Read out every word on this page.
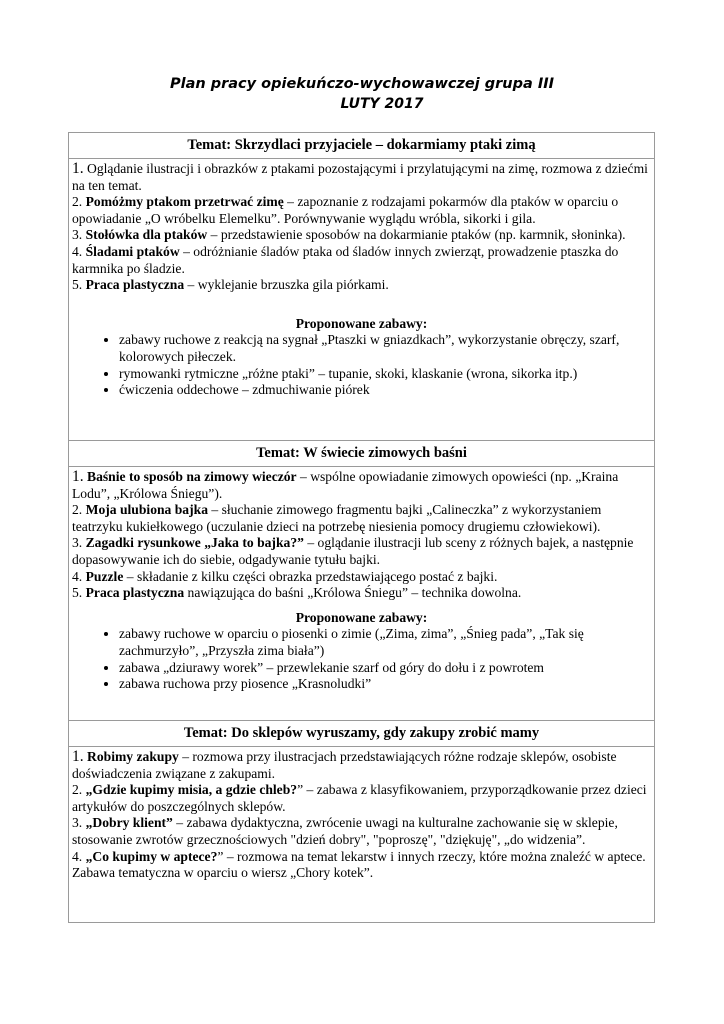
Plan pracy opiekuńczo-wychowawczej grupa III
LUTY 2017
Temat: Skrzydlaci przyjaciele – dokarmiamy ptaki zimą
1. Oglądanie ilustracji i obrazków z ptakami pozostającymi i przylatującymi na zimę, rozmowa z dziećmi na ten temat.
2. Pomóżmy ptakom przetrwać zimę – zapoznanie z rodzajami pokarmów dla ptaków w oparciu o opowiadanie „O wróbelku Elemelku”. Porównywanie wyglądu wróbla, sikorki i gila.
3. Stołówka dla ptaków – przedstawienie sposobów na dokarmianie ptaków (np. karmnik, słoninka).
4. Śladami ptaków – odróżnianie śladów ptaka od śladów innych zwierząt, prowadzenie ptaszka do karmnika po śladzie.
5. Praca plastyczna – wyklejanie brzuszka gila piórkami.
Proponowane zabawy:
• zabawy ruchowe z reakcją na sygnał „Ptaszki w gniazdkach”, wykorzystanie obręczy, szarf, kolorowych piłeczek.
• rymowanki rytmiczne „różne ptaki” – tupanie, skoki, klaskanie (wrona, sikorka itp.)
• ćwiczenia oddechowe – zdmuchiwanie piórek
Temat: W świecie zimowych baśni
1. Baśnie to sposób na zimowy wieczór – wspólne opowiadanie zimowych opowieści (np. „Kraina Lodu”, „Królowa Śniegu”).
2. Moja ulubiona bajka – słuchanie zimowego fragmentu bajki „Calineczka” z wykorzystaniem teatrzyku kukiełkowego (uczulanie dzieci na potrzebę niesienia pomocy drugiemu człowiekowi).
3. Zagadki rysunkowe „Jaka to bajka?” – oglądanie ilustracji lub sceny z różnych bajek, a następnie dopasowywanie ich do siebie, odgadywanie tytułu bajki.
4. Puzzle – składanie z kilku części obrazka przedstawiającego postać z bajki.
5. Praca plastyczna nawiązująca do baśni „Królowa Śniegu” – technika dowolna.
Proponowane zabawy:
• zabawy ruchowe w oparciu o piosenki o zimie („Zima, zima”, „Śnieg pada”, „Tak się zachmurzyło”, „Przyszła zima biała”)
• zabawa „dziurawy worek” – przewlekanie szarf od góry do dołu i z powrotem
• zabawa ruchowa przy piosence „Krasnoludki”
Temat: Do sklepów wyruszamy, gdy zakupy zrobić mamy
1. Robimy zakupy – rozmowa przy ilustracjach przedstawiających różne rodzaje sklepów, osobiste doświadczenia związane z zakupami.
2. „Gdzie kupimy misia, a gdzie chleb?” – zabawa z klasyfikowaniem, przyporządkowanie przez dzieci artykułów do poszczególnych sklepów.
3. „Dobry klient” – zabawa dydaktyczna, zwrócenie uwagi na kulturalne zachowanie się w sklepie, stosowanie zwrotów grzecznościowych "dzień dobry", "poproszę", "dziękuję", „do widzenia”.
4. „Co kupimy w aptece?” – rozmowa na temat lekarstw i innych rzeczy, które można znaleźć w aptece. Zabawa tematyczna w oparciu o wiersz „Chory kotek”.
